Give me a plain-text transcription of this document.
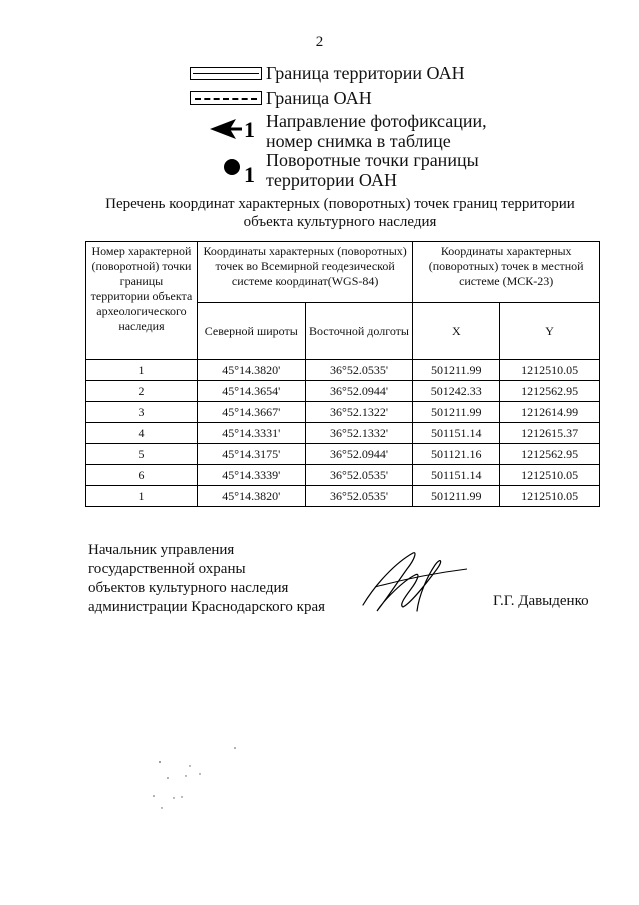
2
Граница территории ОАН
Граница ОАН
1 Направление фотофиксации,
номер снимка в таблице
1
Поворотные точки границы
территории ОАН
Перечень координат характерных (поворотных) точек границ территории
объекта культурного наследия
Номер характерной (поворотной) точки границы территории объекта археологического наследия	Координаты характерных (поворотных) точек во Всемирной геодезической системе координат(WGS-84)		Координаты характерных (поворотных) точек в местной системе (МСК-23)	
	Северной широты	Восточной долготы	X	Y
1	45°14.3820'	36°52.0535'	501211.99	1212510.05
2	45°14.3654'	36°52.0944'	501242.33	1212562.95
3	45°14.3667'	36°52.1322'	501211.99	1212614.99
4	45°14.3331'	36°52.1332'	501151.14	1212615.37
5	45°14.3175'	36°52.0944'	501121.16	1212562.95
6	45°14.3339'	36°52.0535'	501151.14	1212510.05
1	45°14.3820'	36°52.0535'	501211.99	1212510.05
Начальник управления
государственной охраны
объектов культурного наследия
администрации Краснодарского края	Г.Г. Давыденко
